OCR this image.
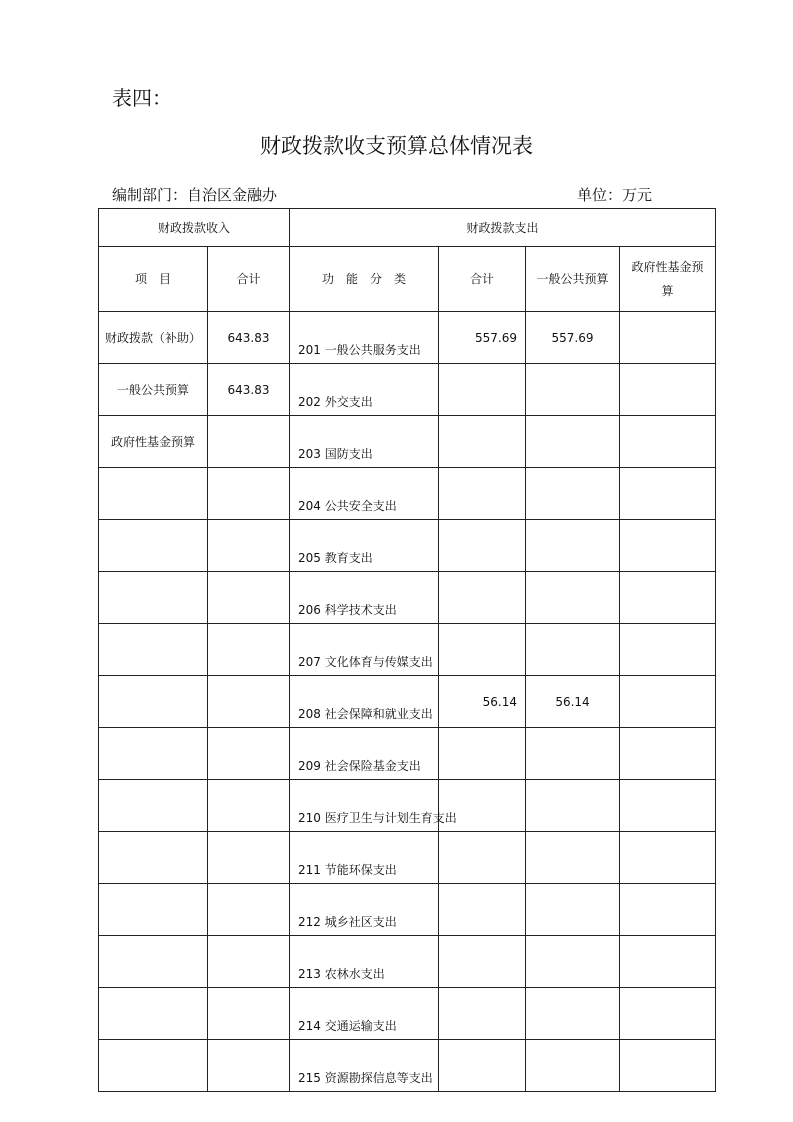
表四：
财政拨款收支预算总体情况表
编制部门：自治区金融办	单位：万元
财政拨款收入		财政拨款支出			
项　目	合计	功　能　分　类	合计	一般公共预算	政府性基金预算
财政拨款（补助）	643.83	201 一般公共服务支出	557.69	557.69	
一般公共预算	643.83	202 外交支出			
政府性基金预算		203 国防支出			
		204 公共安全支出			
		205 教育支出			
		206 科学技术支出			
		207 文化体育与传媒支出			
		208 社会保障和就业支出	56.14	56.14	
		209 社会保险基金支出			
		210 医疗卫生与计划生育支出			
		211 节能环保支出			
		212 城乡社区支出			
		213 农林水支出			
		214 交通运输支出			
		215 资源勘探信息等支出			
